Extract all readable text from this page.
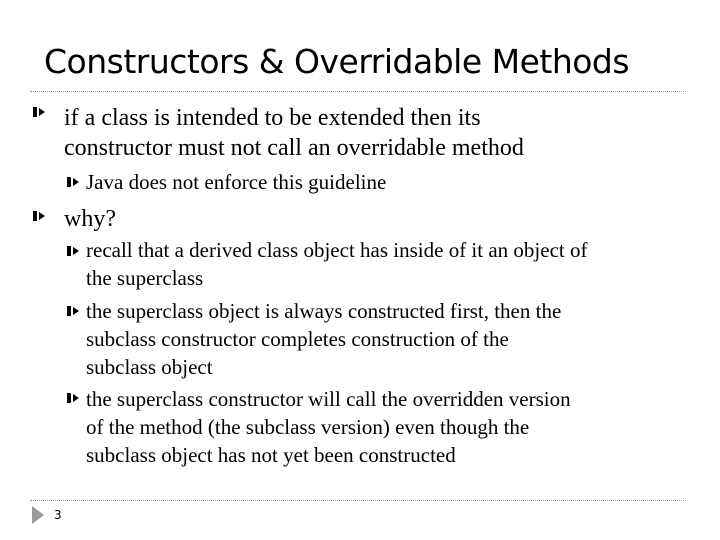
Constructors & Overridable Methods
if a class is intended to be extended then its
constructor must not call an overridable method
Java does not enforce this guideline
why?
recall that a derived class object has inside of it an object of
the superclass
the superclass object is always constructed first, then the
subclass constructor completes construction of the
subclass object
the superclass constructor will call the overridden version
of the method (the subclass version) even though the
subclass object has not yet been constructed
3
